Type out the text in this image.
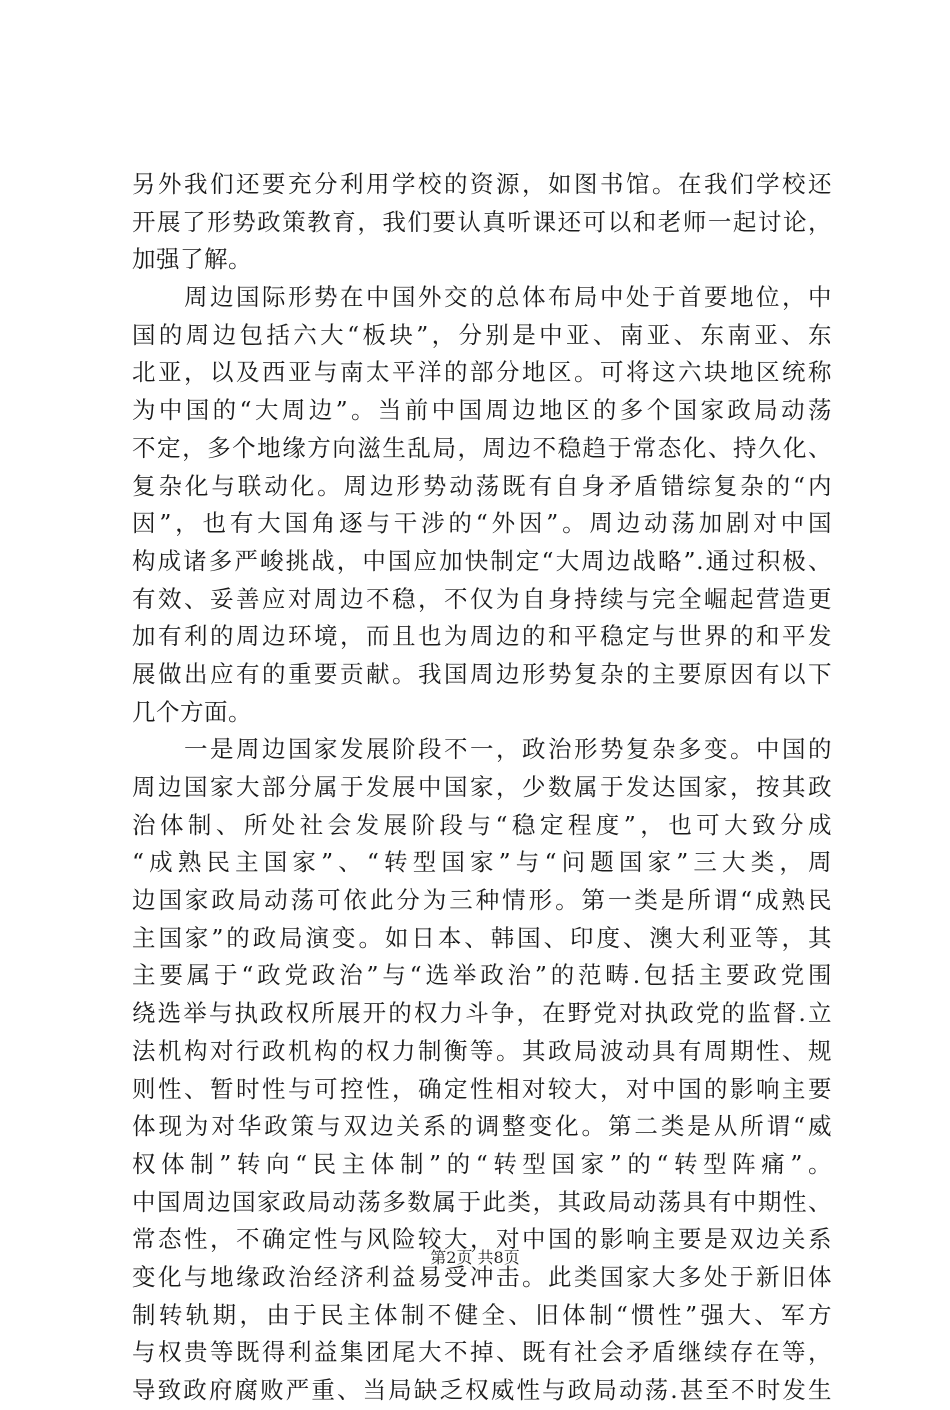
另外我们还要充分利用学校的资源，如图书馆。在我们学校还
开展了形势政策教育，我们要认真听课还可以和老师一起讨论，
加强了解。
　　周边国际形势在中国外交的总体布局中处于首要地位，中
国的周边包括六大“板块”，分别是中亚、南亚、东南亚、东
北亚，以及西亚与南太平洋的部分地区。可将这六块地区统称
为中国的“大周边”。当前中国周边地区的多个国家政局动荡
不定，多个地缘方向滋生乱局，周边不稳趋于常态化、持久化、
复杂化与联动化。周边形势动荡既有自身矛盾错综复杂的“内
因”，也有大国角逐与干涉的“外因”。周边动荡加剧对中国
构成诸多严峻挑战，中国应加快制定“大周边战略”.通过积极、
有效、妥善应对周边不稳，不仅为自身持续与完全崛起营造更
加有利的周边环境，而且也为周边的和平稳定与世界的和平发
展做出应有的重要贡献。我国周边形势复杂的主要原因有以下
几个方面。
　　一是周边国家发展阶段不一，政治形势复杂多变。中国的
周边国家大部分属于发展中国家，少数属于发达国家，按其政
治体制、所处社会发展阶段与“稳定程度”，也可大致分成
“成熟民主国家”、“转型国家”与“问题国家”三大类，周
边国家政局动荡可依此分为三种情形。第一类是所谓“成熟民
主国家”的政局演变。如日本、韩国、印度、澳大利亚等，其
主要属于“政党政治”与“选举政治”的范畴.包括主要政党围
绕选举与执政权所展开的权力斗争，在野党对执政党的监督.立
法机构对行政机构的权力制衡等。其政局波动具有周期性、规
则性、暂时性与可控性，确定性相对较大，对中国的影响主要
体现为对华政策与双边关系的调整变化。第二类是从所谓“威
权体制”转向“民主体制”的“转型国家”的“转型阵痛”。
中国周边国家政局动荡多数属于此类，其政局动荡具有中期性、
常态性，不确定性与风险较大，对中国的影响主要是双边关系
变化与地缘政治经济利益易受冲击。此类国家大多处于新旧体
制转轨期，由于民主体制不健全、旧体制“惯性”强大、军方
与权贵等既得利益集团尾大不掉、既有社会矛盾继续存在等，
导致政府腐败严重、当局缺乏权威性与政局动荡.甚至不时发生
第2页 共8页
